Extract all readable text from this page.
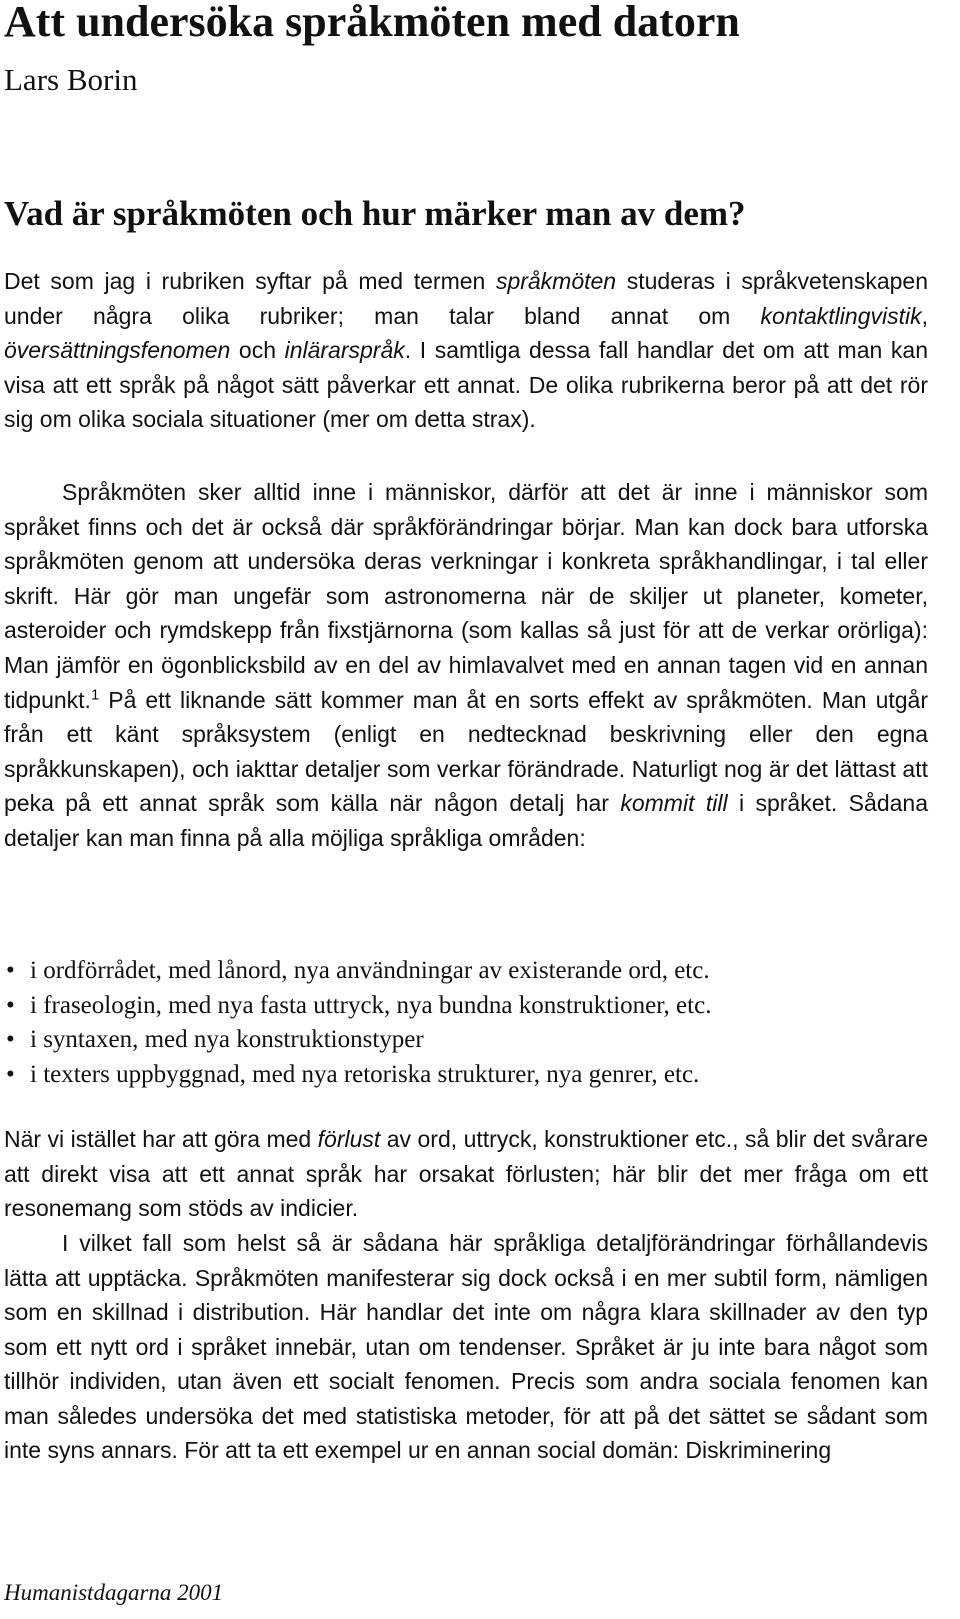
Att undersöka språkmöten med datorn

Lars Borin

Vad är språkmöten och hur märker man av dem?

Det som jag i rubriken syftar på med termen språkmöten studeras i språkvetenskapen under några olika rubriker; man talar bland annat om kontaktlingvistik, översättningsfenomen och inlärarspråk. I samtliga dessa fall handlar det om att man kan visa att ett språk på något sätt påverkar ett annat. De olika rubrikerna beror på att det rör sig om olika sociala situationer (mer om detta strax).

Språkmöten sker alltid inne i människor, därför att det är inne i människor som språket finns och det är också där språkförändringar börjar. Man kan dock bara utforska språkmöten genom att undersöka deras verkningar i konkreta språkhandlingar, i tal eller skrift. Här gör man ungefär som astronomerna när de skiljer ut planeter, kometer, asteroider och rymdskepp från fixstjärnorna (som kallas så just för att de verkar orörliga): Man jämför en ögonblicksbild av en del av himlavalvet med en annan tagen vid en annan tidpunkt.$^1$ På ett liknande sätt kommer man åt en sorts effekt av språkmöten. Man utgår från ett känt språksystem (enligt en nedtecknad beskrivning eller den egna språkkunskapen), och iakttar detaljer som verkar förändrade. Naturligt nog är det lättast att peka på ett annat språk som källa när någon detalj har kommit till i språket. Sådana detaljer kan man finna på alla möjliga språkliga områden:

• i ordförrådet, med lånord, nya användningar av existerande ord, etc.
• i fraseologin, med nya fasta uttryck, nya bundna konstruktioner, etc.
• i syntaxen, med nya konstruktionstyper
• i texters uppbyggnad, med nya retoriska strukturer, nya genrer, etc.

När vi istället har att göra med förlust av ord, uttryck, konstruktioner etc., så blir det svårare att direkt visa att ett annat språk har orsakat förlusten; här blir det mer fråga om ett resonemang som stöds av indicier.

I vilket fall som helst så är sådana här språkliga detaljförändringar förhållandevis lätta att upptäcka. Språkmöten manifesterar sig dock också i en mer subtil form, nämligen som en skillnad i distribution. Här handlar det inte om några klara skillnader av den typ som ett nytt ord i språket innebär, utan om tendenser. Språket är ju inte bara något som tillhör individen, utan även ett socialt fenomen. Precis som andra sociala fenomen kan man således undersöka det med statistiska metoder, för att på det sättet se sådant som inte syns annars. För att ta ett exempel ur en annan social domän: Diskriminering

Humanistdagarna 2001
